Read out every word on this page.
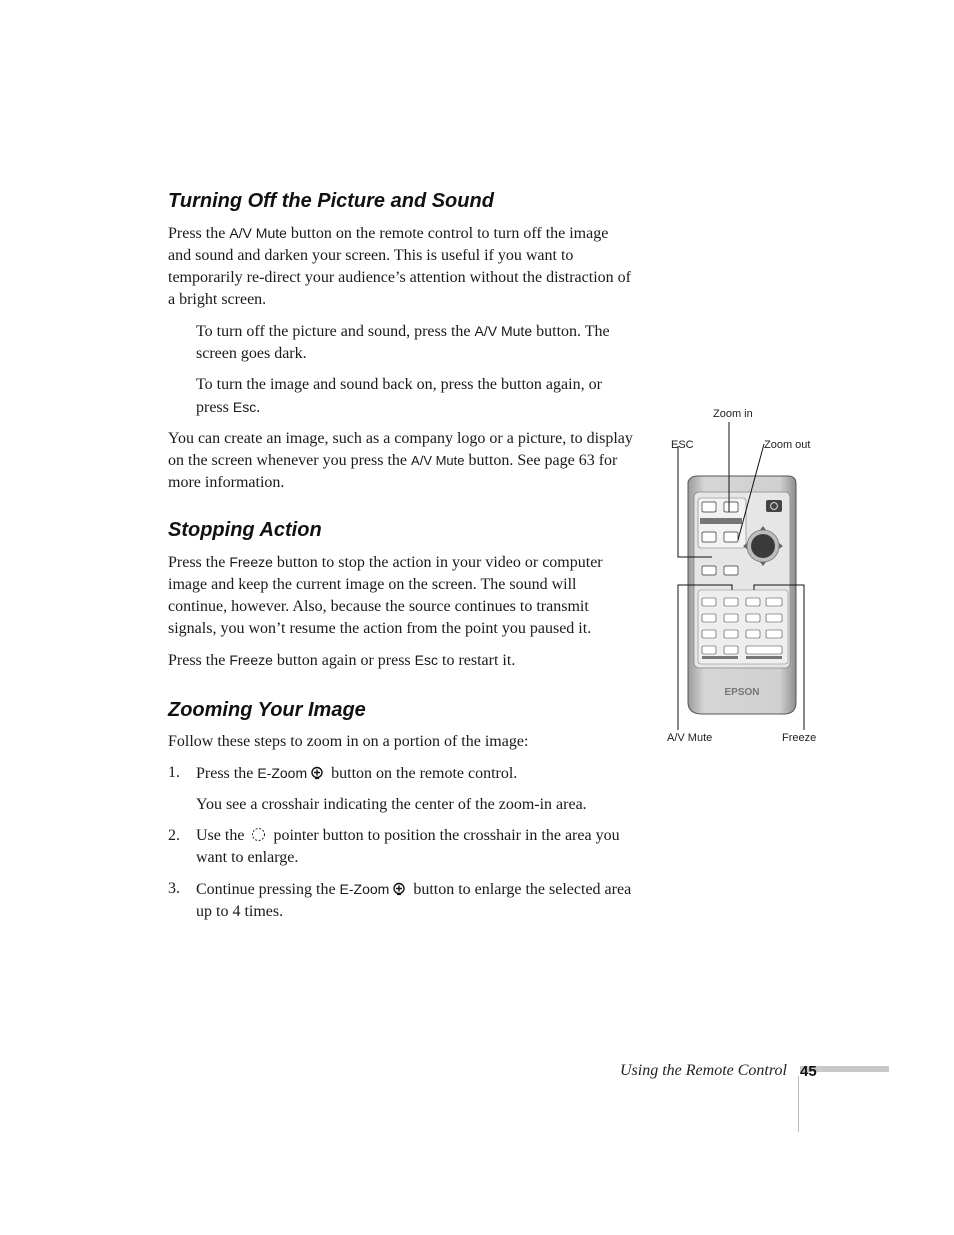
Turning Off the Picture and Sound

Press the A/V Mute button on the remote control to turn off the image and sound and darken your screen. This is useful if you want to temporarily re-direct your audience’s attention without the distraction of a bright screen.

To turn off the picture and sound, press the A/V Mute button. The screen goes dark.

To turn the image and sound back on, press the button again, or press Esc.

You can create an image, such as a company logo or a picture, to display on the screen whenever you press the A/V Mute button. See page 63 for more information.

Stopping Action

Press the Freeze button to stop the action in your video or computer image and keep the current image on the screen. The sound will continue, however. Also, because the source continues to transmit signals, you won’t resume the action from the point you paused it.

Press the Freeze button again or press Esc to restart it.

Zooming Your Image

Follow these steps to zoom in on a portion of the image:

1. Press the E-Zoom button on the remote control.

You see a crosshair indicating the center of the zoom-in area.

2. Use the  pointer button to position the crosshair in the area you want to enlarge.

3. Continue pressing the E-Zoom button to enlarge the selected area up to 4 times.

Zoom in
ESC	Zoom out
A/V Mute	Freeze
EPSON
Using the Remote Control 45
